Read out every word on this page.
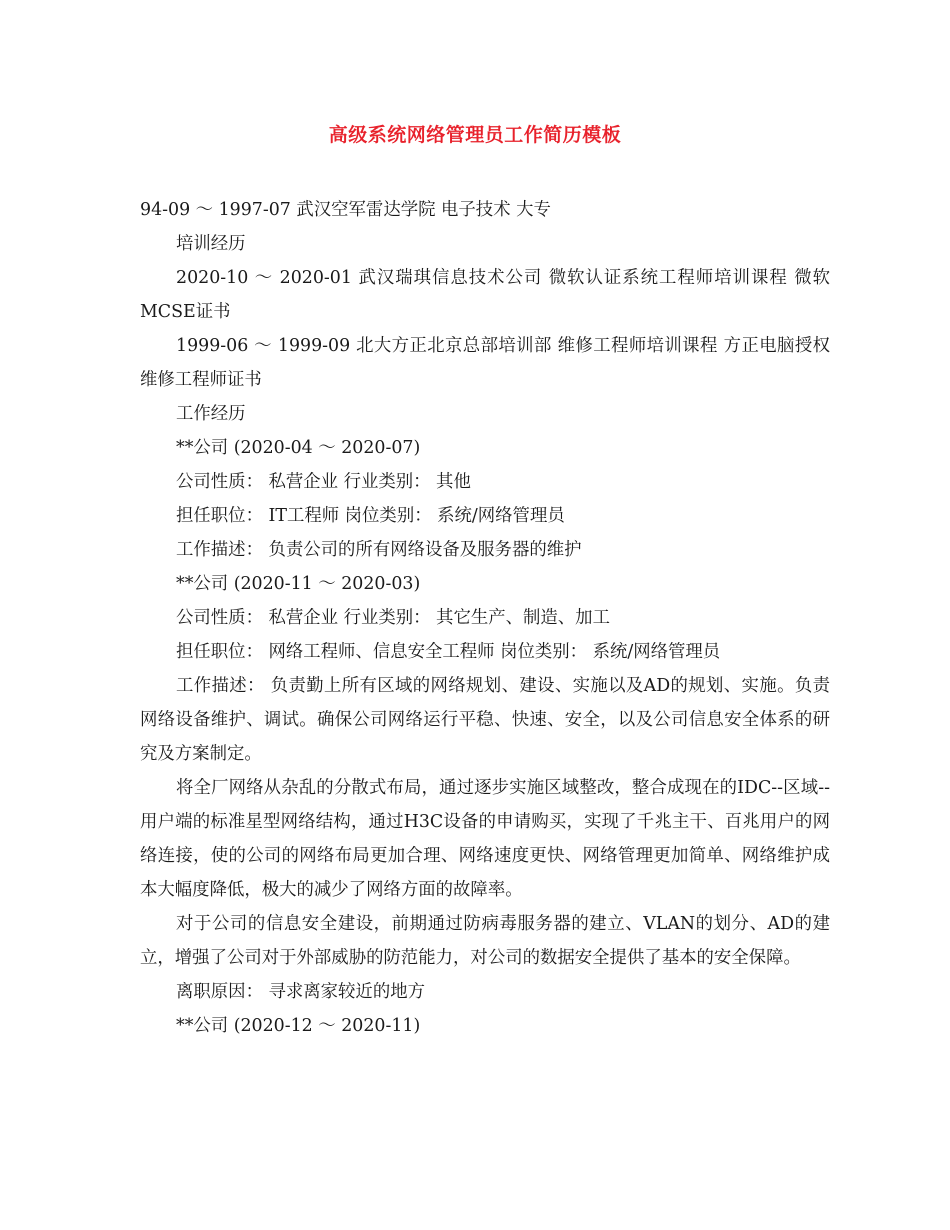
高级系统网络管理员工作简历模板

94-09 ～ 1997-07 武汉空军雷达学院 电子技术 大专

培训经历

2020-10 ～ 2020-01 武汉瑞琪信息技术公司 微软认证系统工程师培训课程 微软MCSE证书

1999-06 ～ 1999-09 北大方正北京总部培训部 维修工程师培训课程 方正电脑授权维修工程师证书

工作经历

**公司 (2020-04 ～ 2020-07)

公司性质： 私营企业 行业类别： 其他

担任职位： IT工程师 岗位类别： 系统/网络管理员

工作描述： 负责公司的所有网络设备及服务器的维护

**公司 (2020-11 ～ 2020-03)

公司性质： 私营企业 行业类别： 其它生产、制造、加工

担任职位： 网络工程师、信息安全工程师 岗位类别： 系统/网络管理员

工作描述： 负责勤上所有区域的网络规划、建设、实施以及AD的规划、实施。负责网络设备维护、调试。确保公司网络运行平稳、快速、安全，以及公司信息安全体系的研究及方案制定。

将全厂网络从杂乱的分散式布局，通过逐步实施区域整改，整合成现在的IDC--区域--用户端的标准星型网络结构，通过H3C设备的申请购买，实现了千兆主干、百兆用户的网络连接，使的公司的网络布局更加合理、网络速度更快、网络管理更加简单、网络维护成本大幅度降低，极大的减少了网络方面的故障率。

对于公司的信息安全建设，前期通过防病毒服务器的建立、VLAN的划分、AD的建立，增强了公司对于外部威胁的防范能力，对公司的数据安全提供了基本的安全保障。

离职原因： 寻求离家较近的地方

**公司 (2020-12 ～ 2020-11)
